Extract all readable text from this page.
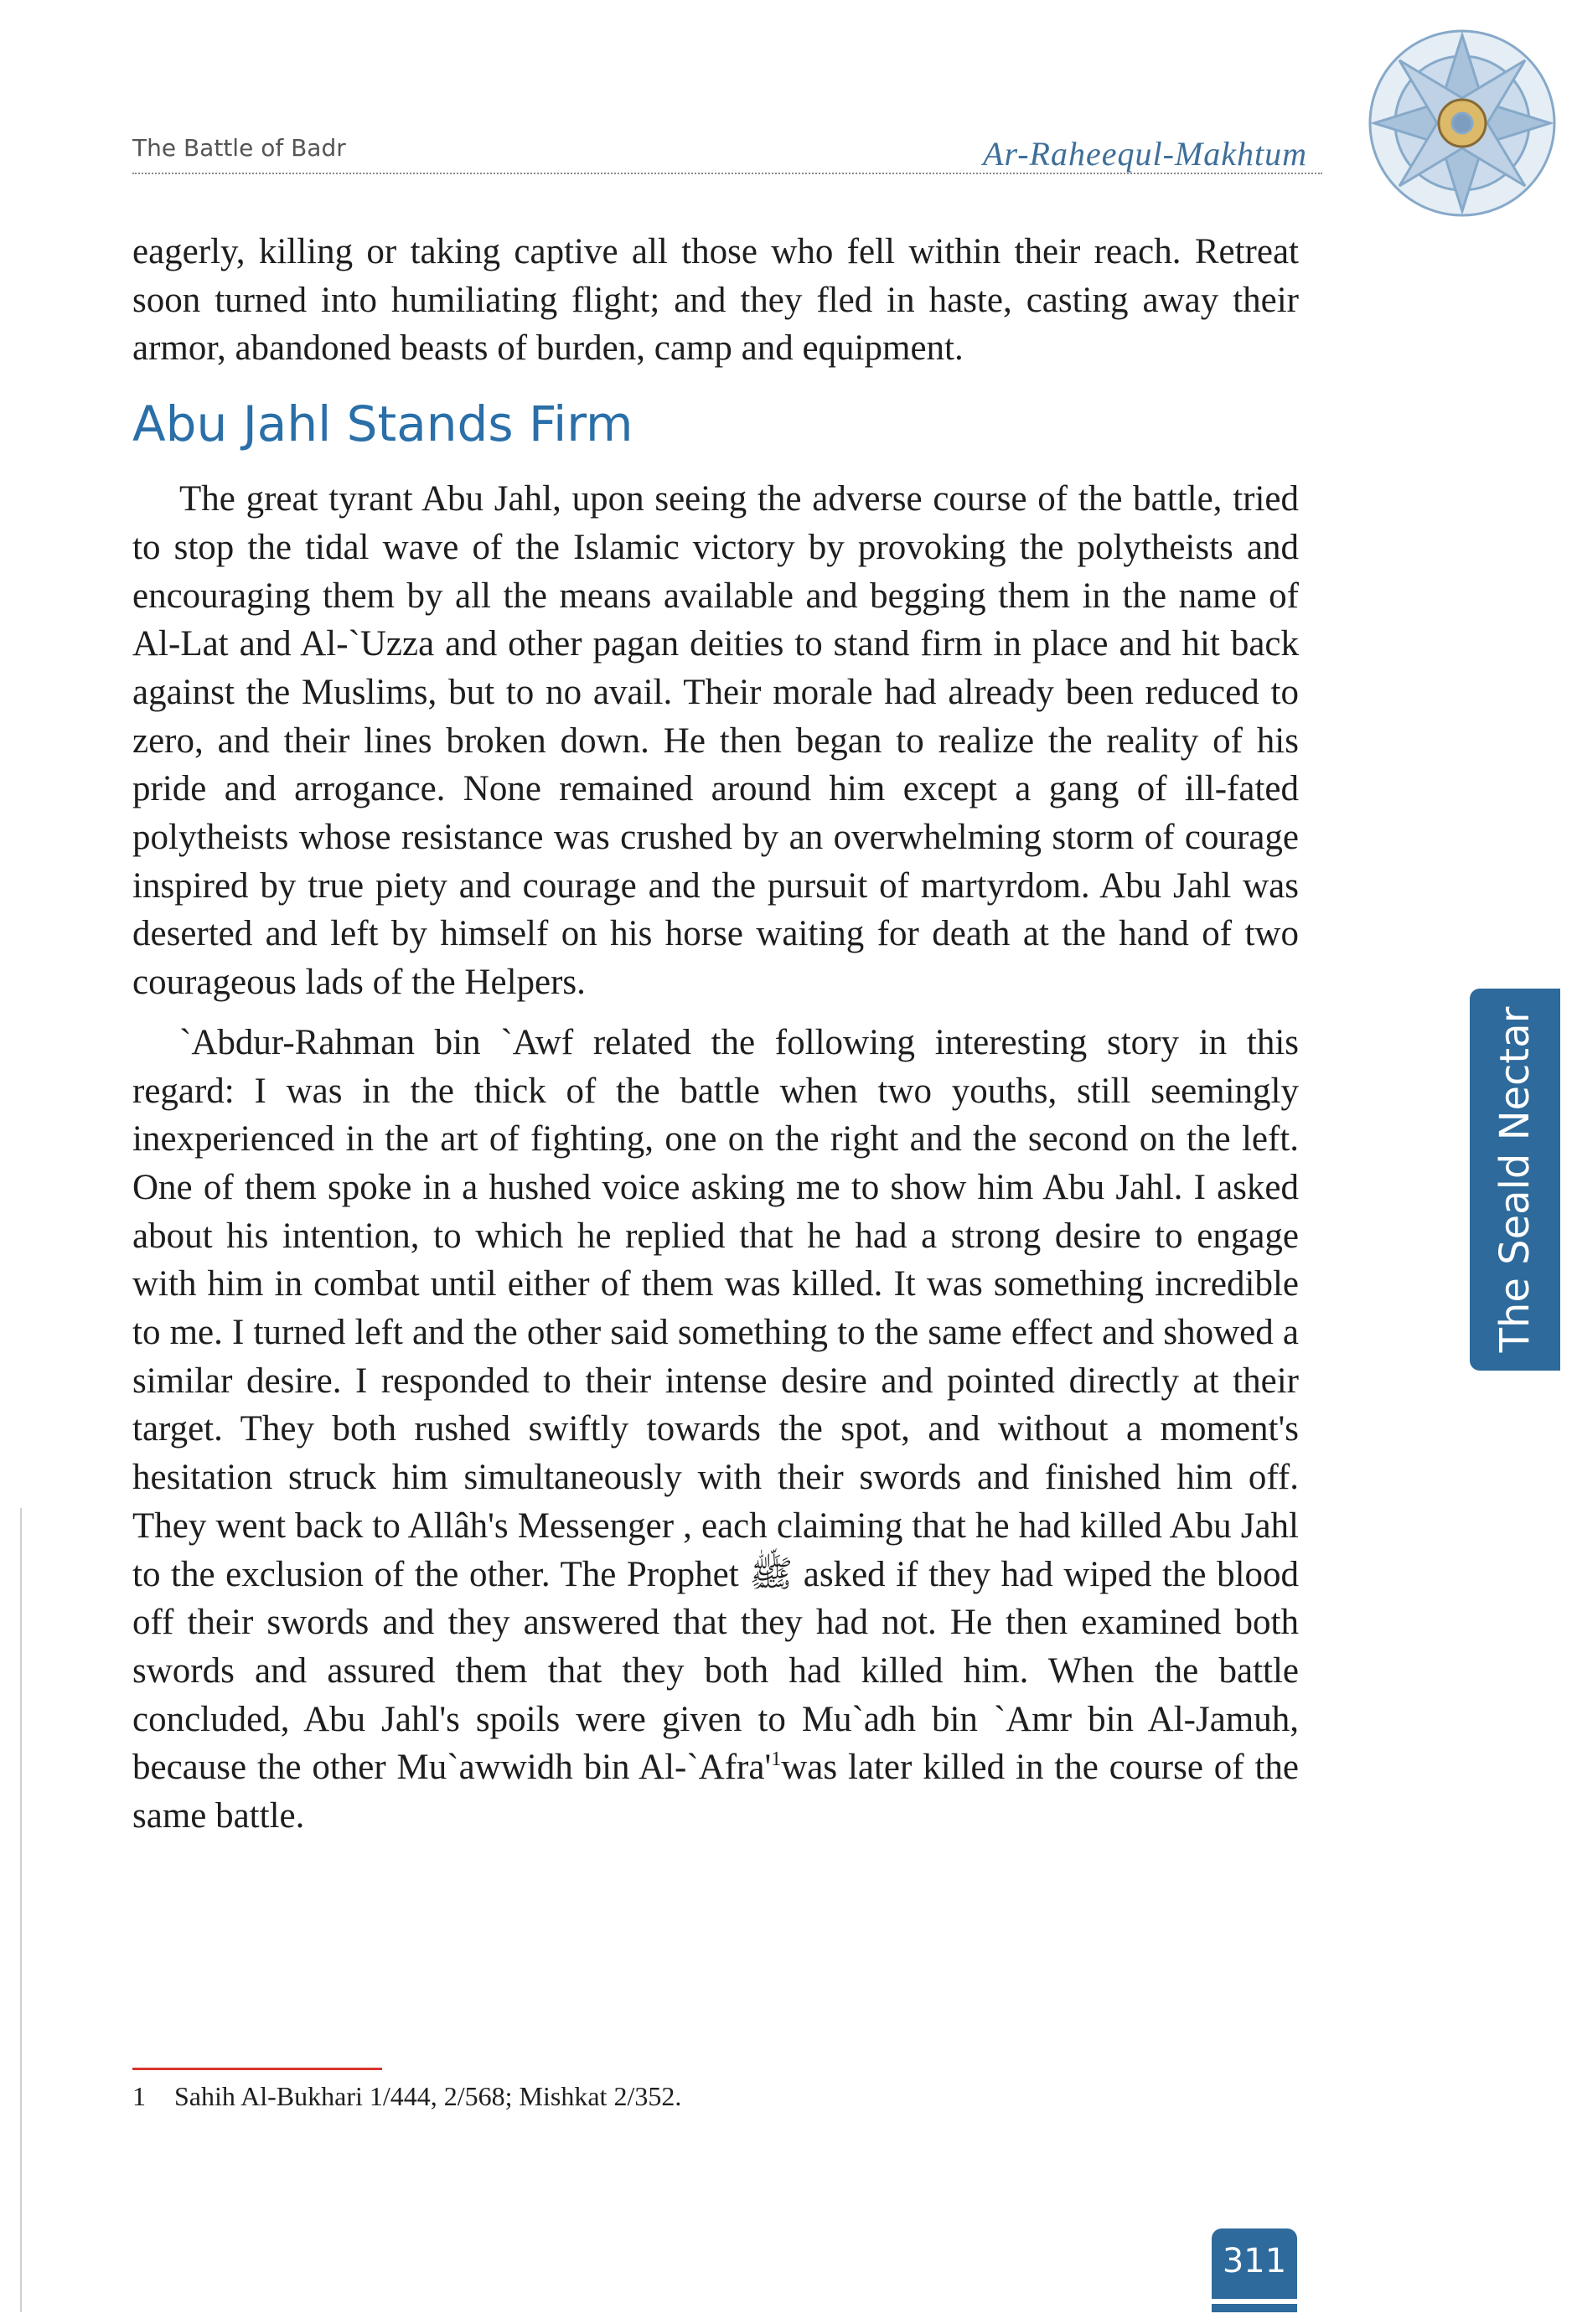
The Battle of Badr	Ar-Raheequl-Makhtum

eagerly, killing or taking captive all those who fell within their reach. Retreat soon turned into humiliating flight; and they fled in haste, casting away their armor, abandoned beasts of burden, camp and equipment.

Abu Jahl Stands Firm

The great tyrant Abu Jahl, upon seeing the adverse course of the battle, tried to stop the tidal wave of the Islamic victory by provoking the polytheists and encouraging them by all the means available and begging them in the name of Al-Lat and Al-`Uzza and other pagan deities to stand firm in place and hit back against the Muslims, but to no avail. Their morale had already been reduced to zero, and their lines broken down. He then began to realize the reality of his pride and arrogance. None remained around him except a gang of ill-fated polytheists whose resistance was crushed by an overwhelming storm of courage inspired by true piety and courage and the pursuit of martyrdom. Abu Jahl was deserted and left by himself on his horse waiting for death at the hand of two courageous lads of the Helpers.

`Abdur-Rahman bin `Awf related the following interesting story in this regard: I was in the thick of the battle when two youths, still seemingly inexperienced in the art of fighting, one on the right and the second on the left. One of them spoke in a hushed voice asking me to show him Abu Jahl. I asked about his intention, to which he replied that he had a strong desire to engage with him in combat until either of them was killed. It was something incredible to me. I turned left and the other said something to the same effect and showed a similar desire. I responded to their intense desire and pointed directly at their target. They both rushed swiftly towards the spot, and without a moment's hesitation struck him simultaneously with their swords and finished him off. They went back to Allâh's Messenger , each claiming that he had killed Abu Jahl to the exclusion of the other. The Prophet ﷺ asked if they had wiped the blood off their swords and they answered that they had not. He then examined both swords and assured them that they both had killed him. When the battle concluded, Abu Jahl's spoils were given to Mu`adh bin `Amr bin Al-Jamuh, because the other Mu`awwidh bin $Al-`Afra'^1was$ later killed in the course of the same battle.

1 Sahih Al-Bukhari 1/444, 2/568; Mishkat 2/352.
The Seald Nectar
311
